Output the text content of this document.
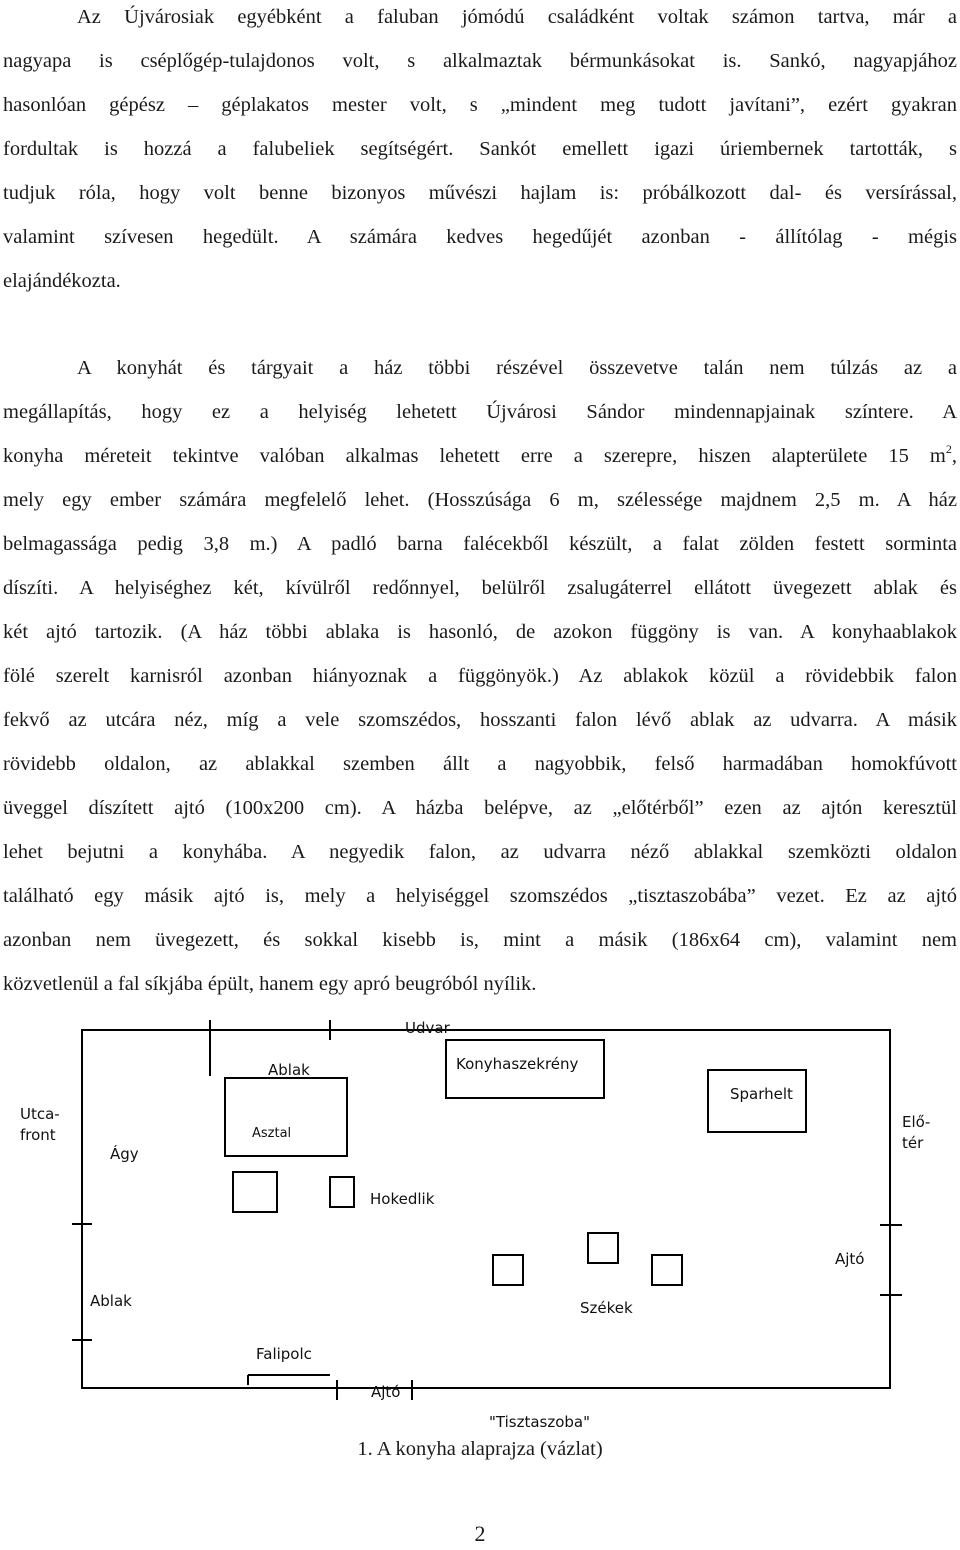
Az Újvárosiak egyébként a faluban jómódú családként voltak számon tartva, már a
nagyapa is cséplőgép-tulajdonos volt, s alkalmaztak bérmunkásokat is. Sankó, nagyapjához
hasonlóan gépész – géplakatos mester volt, s „mindent meg tudott javítani”, ezért gyakran
fordultak is hozzá a falubeliek segítségért. Sankót emellett igazi úriembernek tartották, s
tudjuk róla, hogy volt benne bizonyos művészi hajlam is: próbálkozott dal- és versírással,
valamint szívesen hegedült. A számára kedves hegedűjét azonban - állítólag - mégis
elajándékozta.
A konyhát és tárgyait a ház többi részével összevetve talán nem túlzás az a
megállapítás, hogy ez a helyiség lehetett Újvárosi Sándor mindennapjainak színtere. A
konyha méreteit tekintve valóban alkalmas lehetett erre a szerepre, hiszen alapterülete 15 $m^2$,
mely egy ember számára megfelelő lehet. (Hosszúsága 6 m, szélessége majdnem 2,5 m. A ház
belmagassága pedig 3,8 m.) A padló barna falécekből készült, a falat zölden festett sorminta
díszíti. A helyiséghez két, kívülről redőnnyel, belülről zsalugáterrel ellátott üvegezett ablak és
két ajtó tartozik. (A ház többi ablaka is hasonló, de azokon függöny is van. A konyhaablakok
fölé szerelt karnisról azonban hiányoznak a függönyök.) Az ablakok közül a rövidebbik falon
fekvő az utcára néz, míg a vele szomszédos, hosszanti falon lévő ablak az udvarra. A másik
rövidebb oldalon, az ablakkal szemben állt a nagyobbik, felső harmadában homokfúvott
üveggel díszített ajtó (100x200 cm). A házba belépve, az „előtérből” ezen az ajtón keresztül
lehet bejutni a konyhába. A negyedik falon, az udvarra néző ablakkal szemközti oldalon
található egy másik ajtó is, mely a helyiséggel szomszédos „tisztaszobába” vezet. Ez az ajtó
azonban nem üvegezett, és sokkal kisebb is, mint a másik (186x64 cm), valamint nem
közvetlenül a fal síkjába épült, hanem egy apró beugróból nyílik.
Udvar
Ablak	Konyhaszekrény
Sparhelt
Utca-
front	Asztal
Elő-
tér
Ágy
Hokedlik
Ajtó
Ablak	Székek
Falipolc
Ajtó
"Tisztaszoba"
1. A konyha alaprajza (vázlat)
2
